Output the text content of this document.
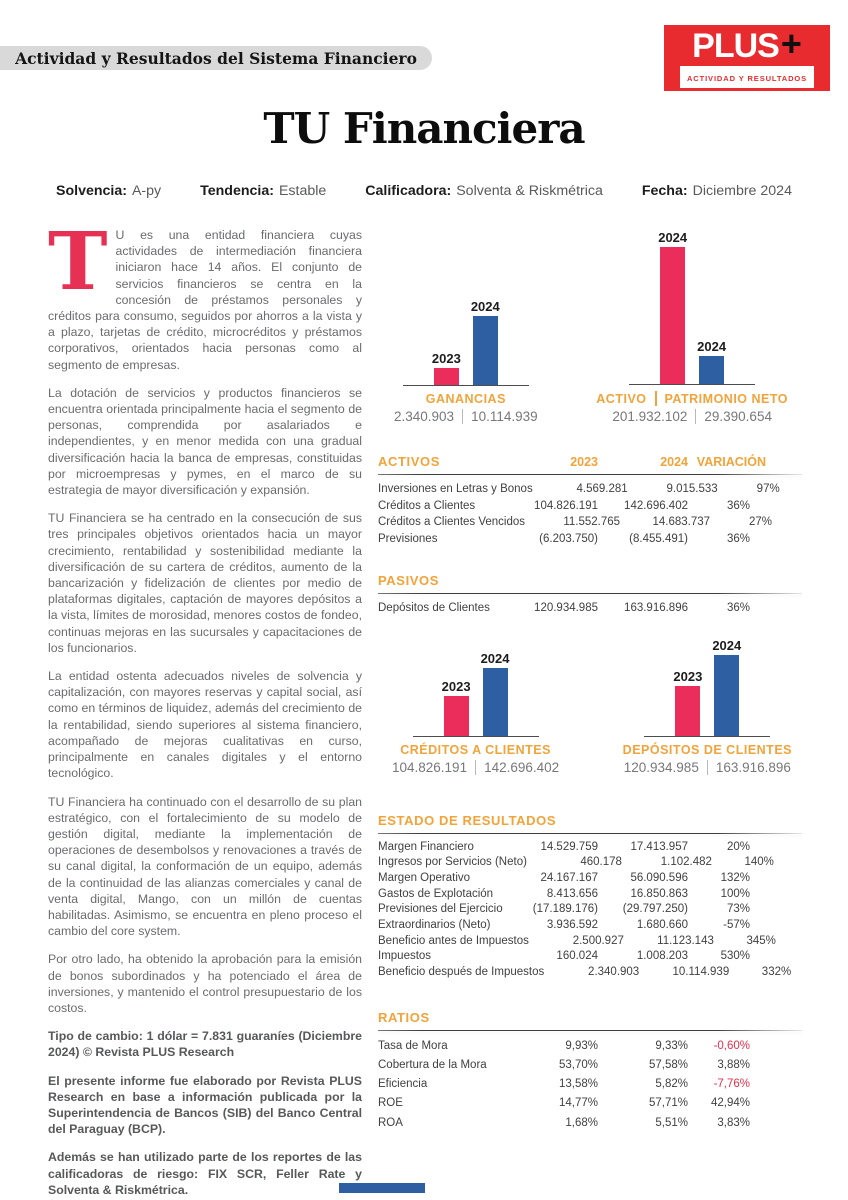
Actividad y Resultados del Sistema Financiero	PLUS +
ACTIVIDAD Y RESULTADOS
TU Financiera
Solvencia: A-py	Tendencia: Estable	Calificadora: Solventa & Riskmétrica	Fecha: Diciembre 2024

T U es una entidad financiera cuyas actividades de intermediación financiera iniciaron hace 14 años. El conjunto de servicios financieros se centra en la concesión de préstamos personales y créditos para consumo, seguidos por ahorros a la vista y a plazo, tarjetas de crédito, microcréditos y préstamos corporativos, orientados hacia personas como al segmento de empresas.

La dotación de servicios y productos financieros se encuentra orientada principalmente hacia el segmento de personas, comprendida por asalariados e independientes, y en menor medida con una gradual diversificación hacia la banca de empresas, constituidas por microempresas y pymes, en el marco de su estrategia de mayor diversificación y expansión.

TU Financiera se ha centrado en la consecución de sus tres principales objetivos orientados hacia un mayor crecimiento, rentabilidad y sostenibilidad mediante la diversificación de su cartera de créditos, aumento de la bancarización y fidelización de clientes por medio de plataformas digitales, captación de mayores depósitos a la vista, límites de morosidad, menores costos de fondeo, continuas mejoras en las sucursales y capacitaciones de los funcionarios.

La entidad ostenta adecuados niveles de solvencia y capitalización, con mayores reservas y capital social, así como en términos de liquidez, además del crecimiento de la rentabilidad, siendo superiores al sistema financiero, acompañado de mejoras cualitativas en curso, principalmente en canales digitales y el entorno tecnológico.

TU Financiera ha continuado con el desarrollo de su plan estratégico, con el fortalecimiento de su modelo de gestión digital, mediante la implementación de operaciones de desembolsos y renovaciones a través de su canal digital, la conformación de un equipo, además de la continuidad de las alianzas comerciales y canal de venta digital, Mango, con un millón de cuentas habilitadas. Asimismo, se encuentra en pleno proceso el cambio del core system.

Por otro lado, ha obtenido la aprobación para la emisión de bonos subordinados y ha potenciado el área de inversiones, y mantenido el control presupuestario de los costos.

Tipo de cambio: 1 dólar = 7.831 guaraníes (Diciembre 2024) © Revista PLUS Research

El presente informe fue elaborado por Revista PLUS Research en base a información publicada por la Superintendencia de Bancos (SIB) del Banco Central del Paraguay (BCP).

Además se han utilizado parte de los reportes de las calificadoras de riesgo: FIX SCR, Feller Rate y Solventa & Riskmétrica.

2023
2024
GANANCIAS
2.340.903 10.114.939
2024
2024
ACTIVO PATRIMONIO NETO
201.932.102 29.390.654
ACTIVOS	2023	2024 VARIACIÓN
Inversiones en Letras y Bonos	4.569.281	9.015.533	97%
Créditos a Clientes	104.826.191	142.696.402	36%
Créditos a Clientes Vencidos	11.552.765	14.683.737	27%
Previsiones	(6.203.750)	(8.455.491)	36%
PASIVOS
Depósitos de Clientes	120.934.985	163.916.896	36%
2023
2024
CRÉDITOS A CLIENTES
104.826.191 142.696.402
2023
2024
DEPÓSITOS DE CLIENTES
120.934.985 163.916.896
ESTADO DE RESULTADOS
Margen Financiero	14.529.759	17.413.957	20%
Ingresos por Servicios (Neto)	460.178	1.102.482	140%
Margen Operativo	24.167.167	56.090.596	132%
Gastos de Explotación	8.413.656	16.850.863	100%
Previsiones del Ejercicio	(17.189.176)	(29.797.250)	73%
Extraordinarios (Neto)	3.936.592	1.680.660	-57%
Beneficio antes de Impuestos	2.500.927	11.123.143	345%
Impuestos	160.024	1.008.203	530%
Beneficio después de Impuestos	2.340.903	10.114.939	332%
RATIOS
Tasa de Mora	9,93%	9,33%	-0,60%
Cobertura de la Mora	53,70%	57,58%	3,88%
Eficiencia	13,58%	5,82%	-7,76%
ROE	14,77%	57,71%	42,94%
ROA	1,68%	5,51%	3,83%
